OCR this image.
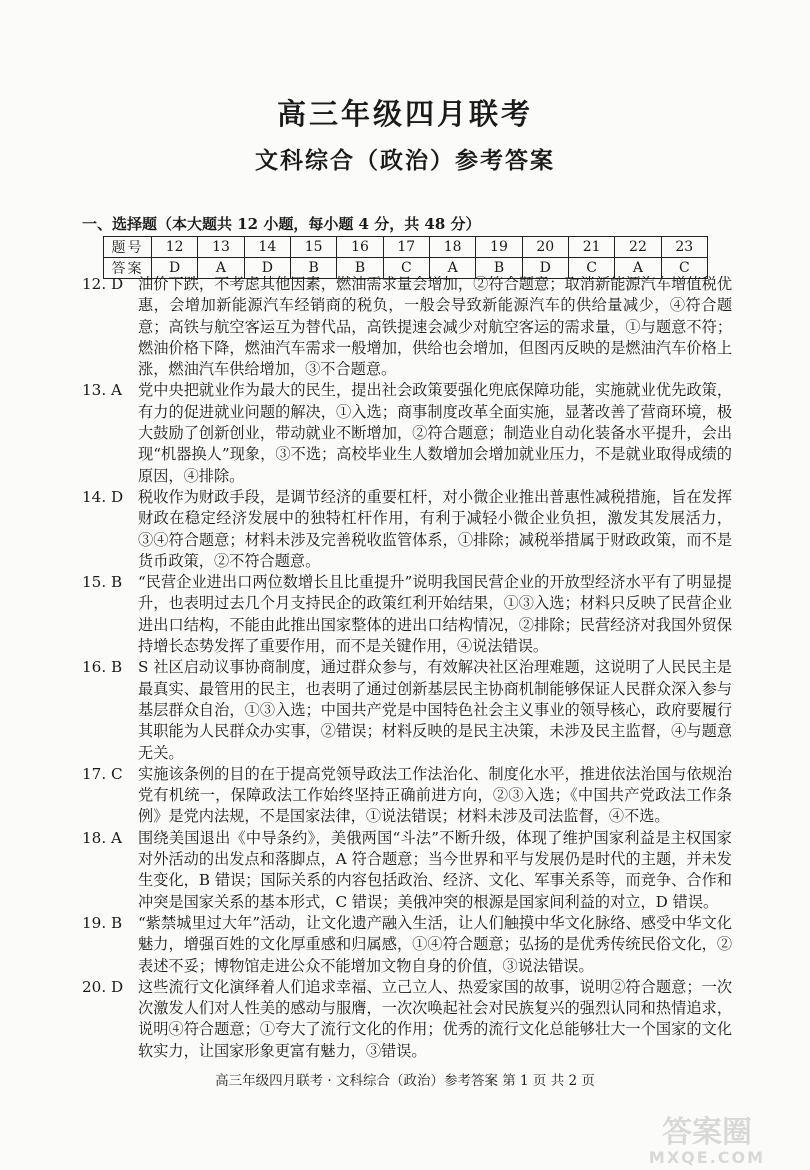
高三年级四月联考
文科综合（政治）参考答案
一、选择题（本大题共 12 小题，每小题 4 分，共 48 分）
题号	12	13	14	15	16	17	18	19	20	21	22	23
答案	D	A	D	B	B	C	A	B	D	C	A	C
12. D 油价下跌，不考虑其他因素，燃油需求量会增加，②符合题意；取消新能源汽车增值税优惠，会增加新能源汽车经销商的税负，一般会导致新能源汽车的供给量减少，④符合题意；高铁与航空客运互为替代品，高铁提速会减少对航空客运的需求量，①与题意不符；燃油价格下降，燃油汽车需求一般增加，供给也会增加，但图丙反映的是燃油汽车价格上涨，燃油汽车供给增加，③不合题意。
13. A	党中央把就业作为最大的民生，提出社会政策要强化兜底保障功能，实施就业优先政策，有力的促进就业问题的解决，①入选；商事制度改革全面实施，显著改善了营商环境，极大鼓励了创新创业，带动就业不断增加，②符合题意；制造业自动化装备水平提升，会出现“机器换人”现象，③不选；高校毕业生人数增加会增加就业压力，不是就业取得成绩的原因，④排除。
14. D 税收作为财政手段，是调节经济的重要杠杆，对小微企业推出普惠性减税措施，旨在发挥财政在稳定经济发展中的独特杠杆作用，有利于减轻小微企业负担，激发其发展活力，③④符合题意；材料未涉及完善税收监管体系，①排除；减税举措属于财政政策，而不是货币政策，②不符合题意。
15. B	“民营企业进出口两位数增长且比重提升”说明我国民营企业的开放型经济水平有了明显提升，也表明过去几个月支持民企的政策红利开始结果，①③入选；材料只反映了民营企业进出口结构，不能由此推出国家整体的进出口结构情况，②排除；民营经济对我国外贸保持增长态势发挥了重要作用，而不是关键作用，④说法错误。
16. B	S 社区启动议事协商制度，通过群众参与，有效解决社区治理难题，这说明了人民民主是最真实、最管用的民主，也表明了通过创新基层民主协商机制能够保证人民群众深入参与基层群众自治，①③入选；中国共产党是中国特色社会主义事业的领导核心，政府要履行其职能为人民群众办实事，②错误；材料反映的是民主决策，未涉及民主监督，④与题意无关。
17. C	实施该条例的目的在于提高党领导政法工作法治化、制度化水平，推进依法治国与依规治党有机统一，保障政法工作始终坚持正确前进方向，②③入选；《中国共产党政法工作条例》是党内法规，不是国家法律，①说法错误；材料未涉及司法监督，④不选。
18. A	围绕美国退出《中导条约》，美俄两国“斗法”不断升级，体现了维护国家利益是主权国家对外活动的出发点和落脚点，A 符合题意；当今世界和平与发展仍是时代的主题，并未发生变化，B 错误；国际关系的内容包括政治、经济、文化、军事关系等，而竞争、合作和冲突是国家关系的基本形式，C 错误；美俄冲突的根源是国家间利益的对立，D 错误。
19. B	“紫禁城里过大年”活动，让文化遗产融入生活，让人们触摸中华文化脉络、感受中华文化魅力，增强百姓的文化厚重感和归属感，①④符合题意；弘扬的是优秀传统民俗文化，②表述不妥；博物馆走进公众不能增加文物自身的价值，③说法错误。
20. D 这些流行文化演绎着人们追求幸福、立己立人、热爱家国的故事，说明②符合题意；一次次激发人们对人性美的感动与服膺，一次次唤起社会对民族复兴的强烈认同和热情追求，说明④符合题意；①夸大了流行文化的作用；优秀的流行文化总能够壮大一个国家的文化软实力，让国家形象更富有魅力，③错误。
高三年级四月联考 · 文科综合（政治）参考答案 第 1 页 共 2 页
答案圈
MXQE.COM
